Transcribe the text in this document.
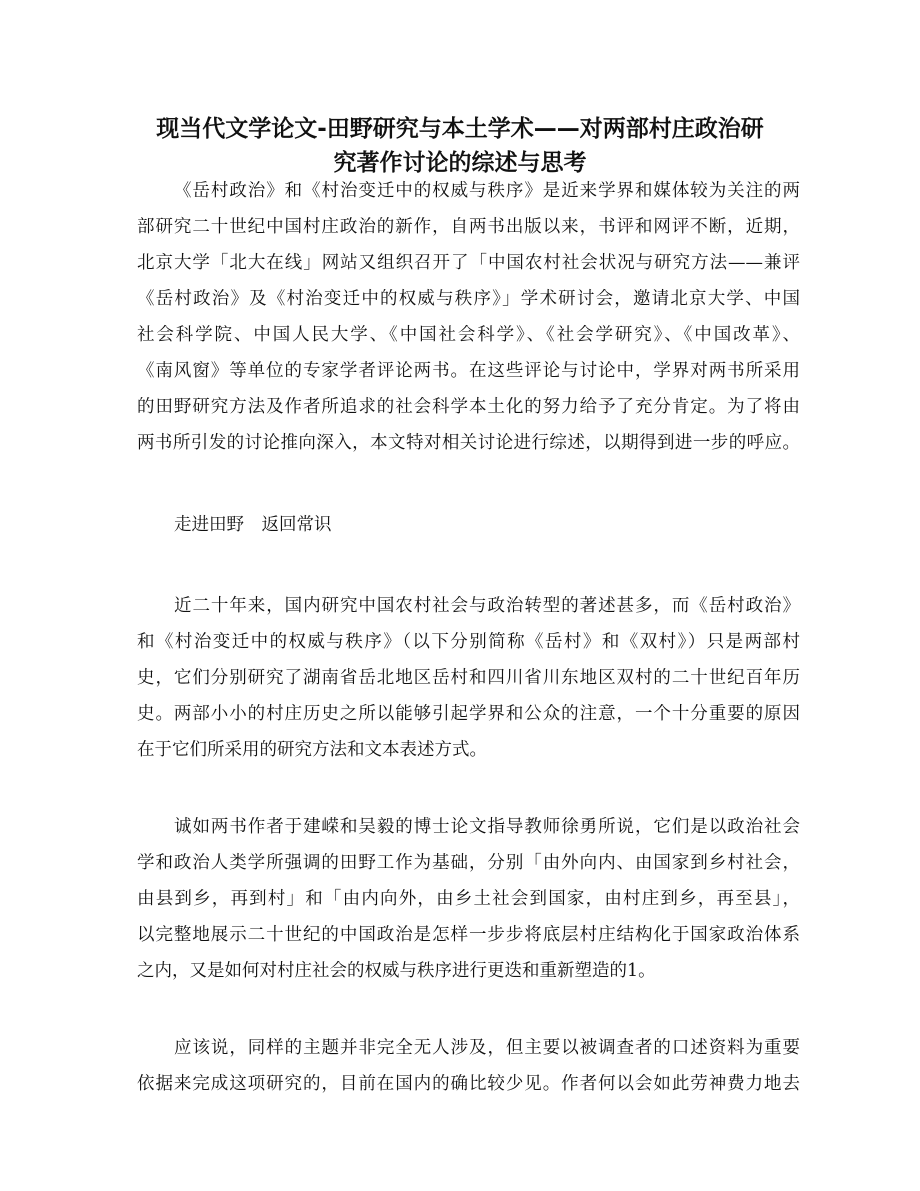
现当代文学论文-田野研究与本土学术——对两部村庄政治研
究著作讨论的综述与思考
《岳村政治》和《村治变迁中的权威与秩序》是近来学界和媒体较为关注的两
部研究二十世纪中国村庄政治的新作，自两书出版以来，书评和网评不断，近期，
北京大学「北大在线」网站又组织召开了「中国农村社会状况与研究方法——兼评
《岳村政治》及《村治变迁中的权威与秩序》」学术研讨会，邀请北京大学、中国
社会科学院、中国人民大学、《中国社会科学》、《社会学研究》、《中国改革》、
《南风窗》等单位的专家学者评论两书。在这些评论与讨论中，学界对两书所采用
的田野研究方法及作者所追求的社会科学本土化的努力给予了充分肯定。为了将由
两书所引发的讨论推向深入，本文特对相关讨论进行综述，以期得到进一步的呼应。
走进田野　返回常识
近二十年来，国内研究中国农村社会与政治转型的著述甚多，而《岳村政治》
和《村治变迁中的权威与秩序》（以下分别简称《岳村》和《双村》）只是两部村
史，它们分别研究了湖南省岳北地区岳村和四川省川东地区双村的二十世纪百年历
史。两部小小的村庄历史之所以能够引起学界和公众的注意，一个十分重要的原因
在于它们所采用的研究方法和文本表述方式。
诚如两书作者于建嵘和吴毅的博士论文指导教师徐勇所说，它们是以政治社会
学和政治人类学所强调的田野工作为基础，分别「由外向内、由国家到乡村社会，
由县到乡，再到村」和「由内向外，由乡土社会到国家，由村庄到乡，再至县」，
以完整地展示二十世纪的中国政治是怎样一步步将底层村庄结构化于国家政治体系
之内，又是如何对村庄社会的权威与秩序进行更迭和重新塑造的1。
应该说，同样的主题并非完全无人涉及，但主要以被调查者的口述资料为重要
依据来完成这项研究的，目前在国内的确比较少见。作者何以会如此劳神费力地去
